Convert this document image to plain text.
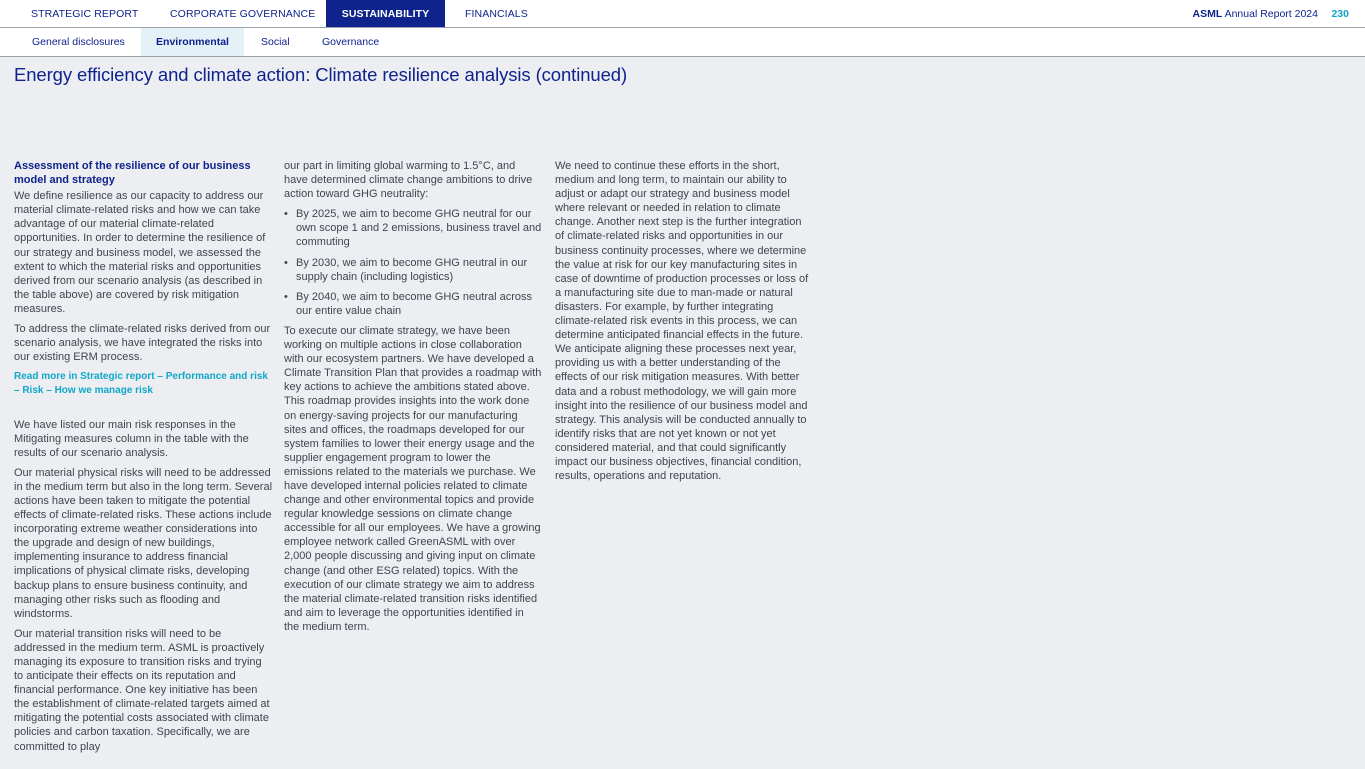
STRATEGIC REPORT	CORPORATE GOVERNANCE	SUSTAINABILITY	FINANCIALS	ASML Annual Report 2024 230
General disclosures	Environmental	Social	Governance
Energy efficiency and climate action: Climate resilience analysis (continued)
Assessment of the resilience of our business model and strategy

We define resilience as our capacity to address our material climate-related risks and how we can take advantage of our material climate-related opportunities. In order to determine the resilience of our strategy and business model, we assessed the extent to which the material risks and opportunities derived from our scenario analysis (as described in the table above) are covered by risk mitigation measures.

To address the climate-related risks derived from our scenario analysis, we have integrated the risks into our existing ERM process.

Read more in Strategic report – Performance and risk – Risk – How we manage risk

We have listed our main risk responses in the Mitigating measures column in the table with the results of our scenario analysis.

Our material physical risks will need to be addressed in the medium term but also in the long term. Several actions have been taken to mitigate the potential effects of climate-related risks. These actions include incorporating extreme weather considerations into the upgrade and design of new buildings, implementing insurance to address financial implications of physical climate risks, developing backup plans to ensure business continuity, and managing other risks such as flooding and windstorms.

Our material transition risks will need to be addressed in the medium term. ASML is proactively managing its exposure to transition risks and trying to anticipate their effects on its reputation and financial performance. One key initiative has been the establishment of climate-related targets aimed at mitigating the potential costs associated with climate policies and carbon taxation. Specifically, we are committed to play

our part in limiting global warming to 1.5°C, and have determined climate change ambitions to drive action toward GHG neutrality:

• By 2025, we aim to become GHG neutral for our own scope 1 and 2 emissions, business travel and commuting
• By 2030, we aim to become GHG neutral in our supply chain (including logistics)
• By 2040, we aim to become GHG neutral across our entire value chain

To execute our climate strategy, we have been working on multiple actions in close collaboration with our ecosystem partners. We have developed a Climate Transition Plan that provides a roadmap with key actions to achieve the ambitions stated above. This roadmap provides insights into the work done on energy-saving projects for our manufacturing sites and offices, the roadmaps developed for our system families to lower their energy usage and the supplier engagement program to lower the emissions related to the materials we purchase. We have developed internal policies related to climate change and other environmental topics and provide regular knowledge sessions on climate change accessible for all our employees. We have a growing employee network called GreenASML with over 2,000 people discussing and giving input on climate change (and other ESG related) topics. With the execution of our climate strategy we aim to address the material climate-related transition risks identified and aim to leverage the opportunities identified in the medium term.

We need to continue these efforts in the short, medium and long term, to maintain our ability to adjust or adapt our strategy and business model where relevant or needed in relation to climate change. Another next step is the further integration of climate-related risks and opportunities in our business continuity processes, where we determine the value at risk for our key manufacturing sites in case of downtime of production processes or loss of a manufacturing site due to man-made or natural disasters. For example, by further integrating climate-related risk events in this process, we can determine anticipated financial effects in the future. We anticipate aligning these processes next year, providing us with a better understanding of the effects of our risk mitigation measures. With better data and a robust methodology, we will gain more insight into the resilience of our business model and strategy. This analysis will be conducted annually to identify risks that are not yet known or not yet considered material, and that could significantly impact our business objectives, financial condition, results, operations and reputation.
